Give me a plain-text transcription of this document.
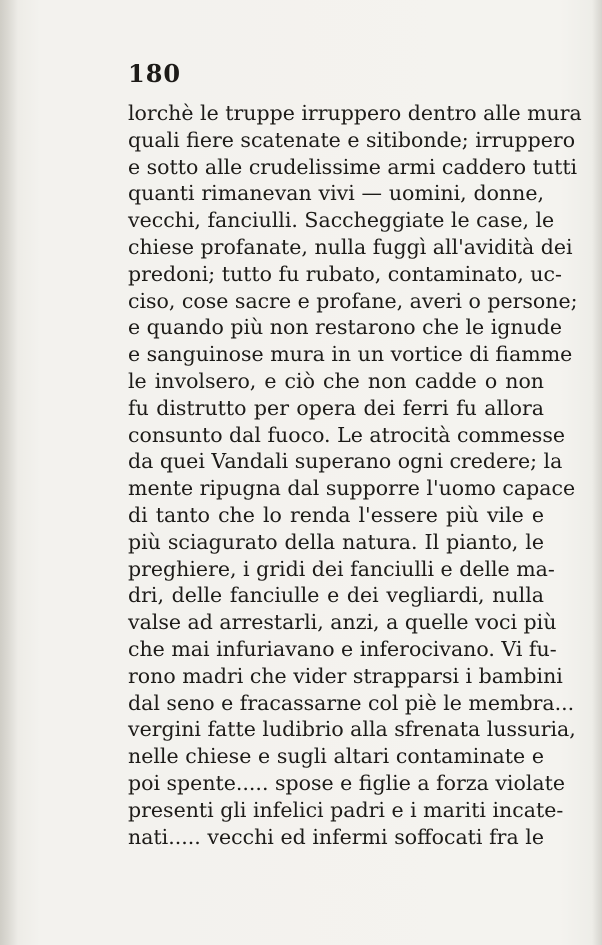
180
lorchè le truppe irruppero dentro alle mura
quali fiere scatenate e sitibonde; irruppero
e sotto alle crudelissime armi caddero tutti
quanti rimanevan vivi — uomini, donne,
vecchi, fanciulli. Saccheggiate le case, le
chiese profanate, nulla fuggì all'avidità dei
predoni; tutto fu rubato, contaminato, uc-
ciso, cose sacre e profane, averi o persone;
e quando più non restarono che le ignude
e sanguinose mura in un vortice di fiamme
le involsero, e ciò che non cadde o non
fu distrutto per opera dei ferri fu allora
consunto dal fuoco. Le atrocità commesse
da quei Vandali superano ogni credere; la
mente ripugna dal supporre l'uomo capace
di tanto che lo renda l'essere più vile e
più sciagurato della natura. Il pianto, le
preghiere, i gridi dei fanciulli e delle ma-
dri, delle fanciulle e dei vegliardi, nulla
valse ad arrestarli, anzi, a quelle voci più
che mai infuriavano e inferocivano. Vi fu-
rono madri che vider strapparsi i bambini
dal seno e fracassarne col piè le membra...
vergini fatte ludibrio alla sfrenata lussuria,
nelle chiese e sugli altari contaminate e
poi spente..... spose e figlie a forza violate
presenti gli infelici padri e i mariti incate-
nati..... vecchi ed infermi soffocati fra le
